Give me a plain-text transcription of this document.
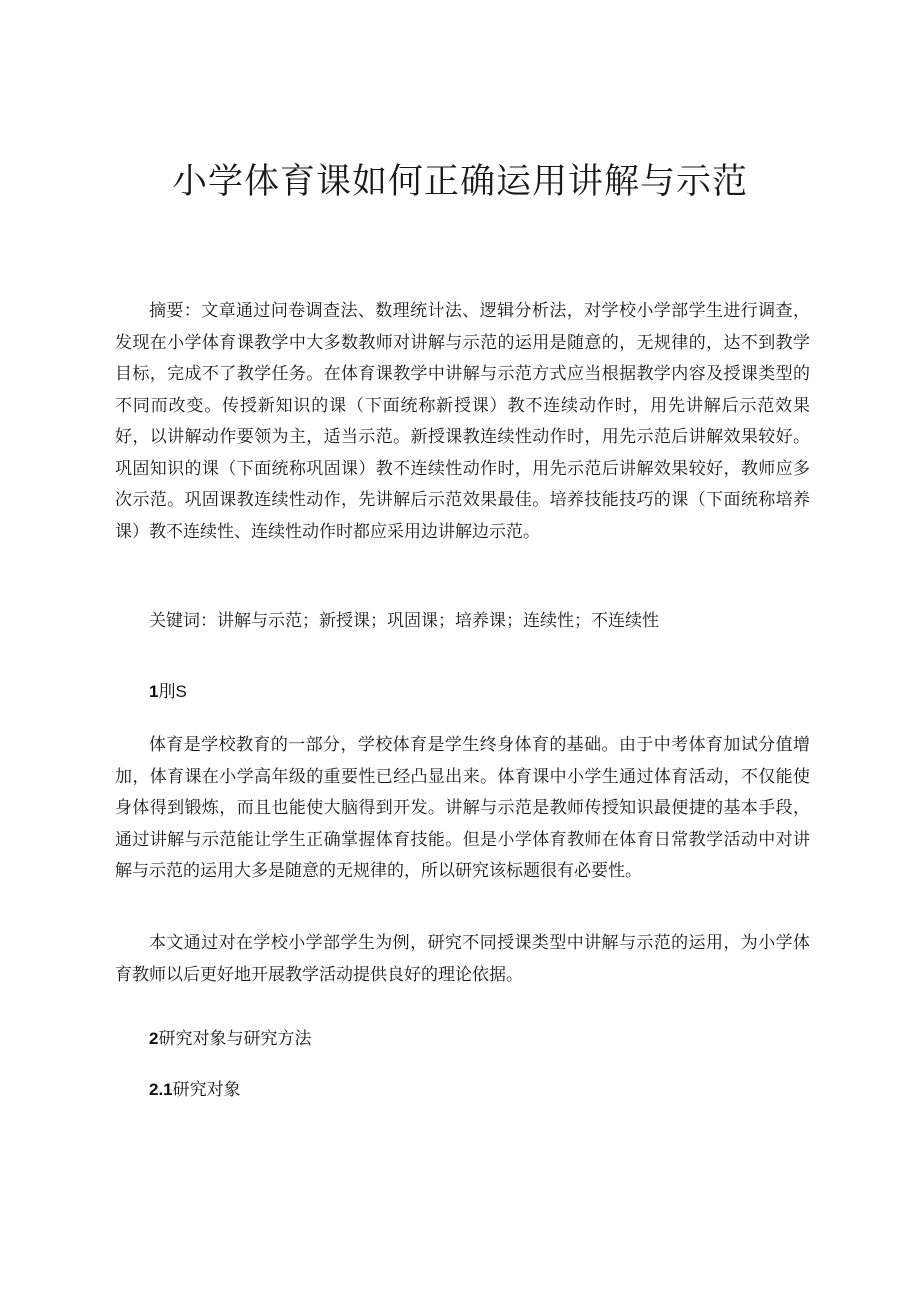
小学体育课如何正确运用讲解与示范

摘要：文章通过问卷调查法、数理统计法、逻辑分析法，对学校小学部学生进行调查，发现在小学体育课教学中大多数教师对讲解与示范的运用是随意的，无规律的，达不到教学目标，完成不了教学任务。在体育课教学中讲解与示范方式应当根据教学内容及授课类型的不同而改变。传授新知识的课（下面统称新授课）教不连续动作时，用先讲解后示范效果好，以讲解动作要领为主，适当示范。新授课教连续性动作时，用先示范后讲解效果较好。巩固知识的课（下面统称巩固课）教不连续性动作时，用先示范后讲解效果较好，教师应多次示范。巩固课教连续性动作，先讲解后示范效果最佳。培养技能技巧的课（下面统称培养课）教不连续性、连续性动作时都应采用边讲解边示范。

关键词：讲解与示范；新授课；巩固课；培养课；连续性；不连续性

1刖S

体育是学校教育的一部分，学校体育是学生终身体育的基础。由于中考体育加试分值增加，体育课在小学高年级的重要性已经凸显出来。体育课中小学生通过体育活动，不仅能使身体得到锻炼，而且也能使大脑得到开发。讲解与示范是教师传授知识最便捷的基本手段，通过讲解与示范能让学生正确掌握体育技能。但是小学体育教师在体育日常教学活动中对讲解与示范的运用大多是随意的无规律的，所以研究该标题很有必要性。

本文通过对在学校小学部学生为例，研究不同授课类型中讲解与示范的运用，为小学体育教师以后更好地开展教学活动提供良好的理论依据。

2研究对象与研究方法
2.1研究对象
